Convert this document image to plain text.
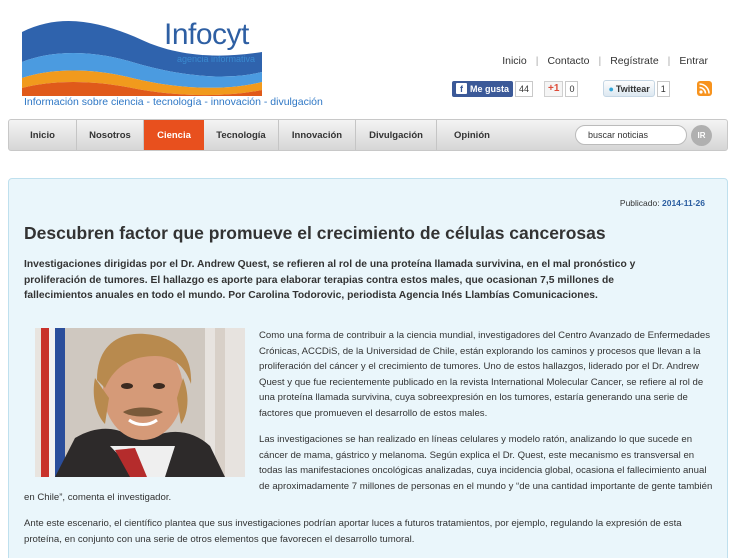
Infocyt
agencia informativa
Información sobre ciencia - tecnología - innovación - divulgación
Inicio | Contacto | Regístrate | Entrar
f Me gusta	44	+1	0	● Twittear	1
Inicio	Nosotros	Ciencia	Tecnología	Innovación	Divulgación	Opinión
buscar noticias	IR
Publicado: 2014-11-26
Descubren factor que promueve el crecimiento de células cancerosas

Investigaciones dirigidas por el Dr. Andrew Quest, se refieren al rol de una proteína llamada survivina, en el mal pronóstico y proliferación de tumores. El hallazgo es aporte para elaborar terapias contra estos males, que ocasionan 7,5 millones de fallecimientos anuales en todo el mundo. Por Carolina Todorovic, periodista Agencia Inés Llambías Comunicaciones.

Como una forma de contribuir a la ciencia mundial, investigadores del Centro Avanzado de Enfermedades Crónicas, ACCDiS, de la Universidad de Chile, están explorando los caminos y procesos que llevan a la proliferación del cáncer y el crecimiento de tumores. Uno de estos hallazgos, liderado por el Dr. Andrew Quest y que fue recientemente publicado en la revista International Molecular Cancer, se refiere al rol de una proteína llamada survivina, cuya sobreexpresión en los tumores, estaría generando una serie de factores que promueven el desarrollo de estos males.

Las investigaciones se han realizado en líneas celulares y modelo ratón, analizando lo que sucede en cáncer de mama, gástrico y melanoma. Según explica el Dr. Quest, este mecanismo es transversal en todas las manifestaciones oncológicas analizadas, cuya incidencia global, ocasiona el fallecimiento anual de aproximadamente 7 millones de personas en el mundo y “de una cantidad importante de gente también

en Chile”, comenta el investigador.

Ante este escenario, el científico plantea que sus investigaciones podrían aportar luces a futuros tratamientos, por ejemplo, regulando la expresión de esta proteína, en conjunto con una serie de otros elementos que favorecen el desarrollo tumoral.
